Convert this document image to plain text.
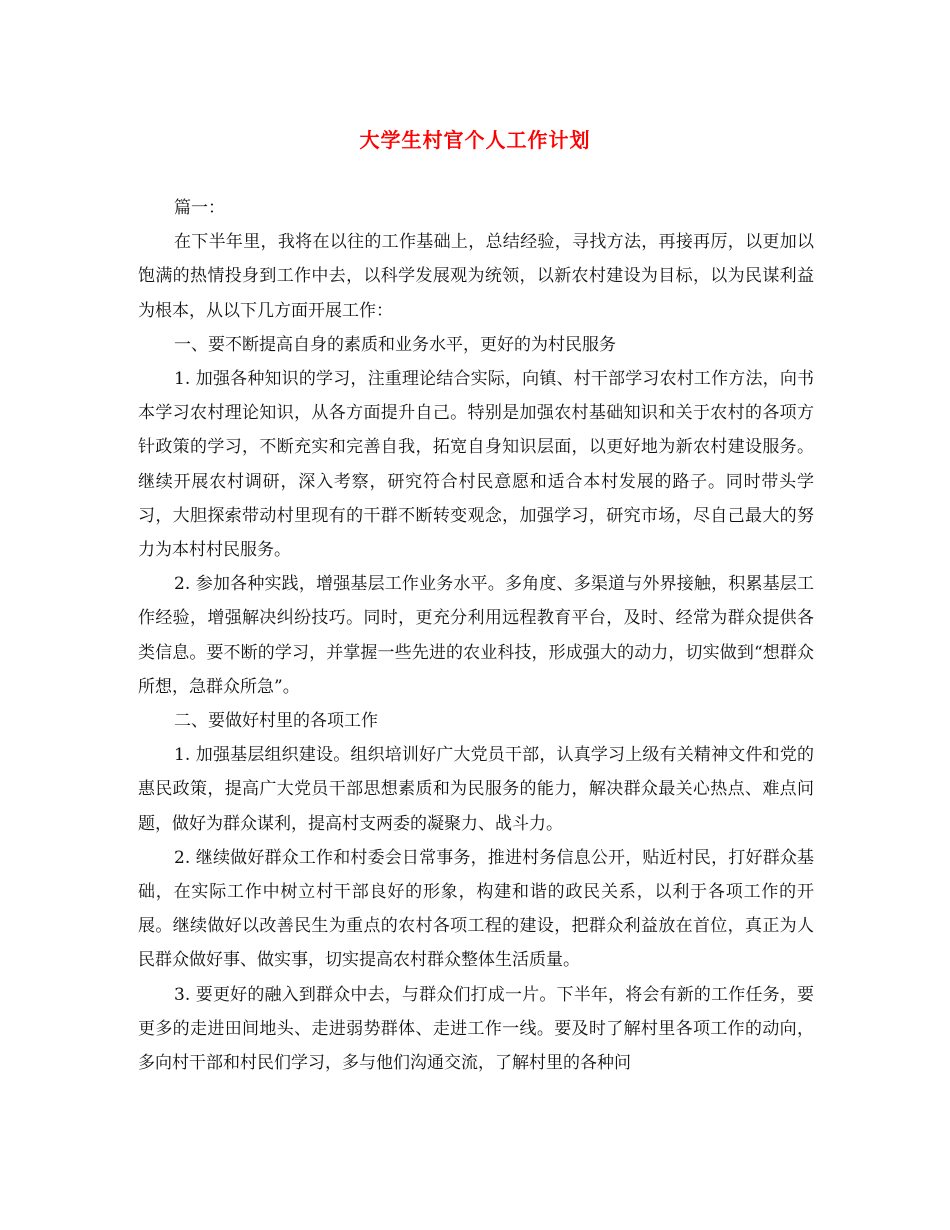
大学生村官个人工作计划

篇一：

在下半年里，我将在以往的工作基础上，总结经验，寻找方法，再接再厉，以更加以饱满的热情投身到工作中去，以科学发展观为统领，以新农村建设为目标，以为民谋利益为根本，从以下几方面开展工作：

一、要不断提高自身的素质和业务水平，更好的为村民服务

1. 加强各种知识的学习，注重理论结合实际，向镇、村干部学习农村工作方法，向书本学习农村理论知识，从各方面提升自己。特别是加强农村基础知识和关于农村的各项方针政策的学习，不断充实和完善自我，拓宽自身知识层面，以更好地为新农村建设服务。继续开展农村调研，深入考察，研究符合村民意愿和适合本村发展的路子。同时带头学习，大胆探索带动村里现有的干群不断转变观念，加强学习，研究市场，尽自己最大的努力为本村村民服务。

2. 参加各种实践，增强基层工作业务水平。多角度、多渠道与外界接触，积累基层工作经验，增强解决纠纷技巧。同时，更充分利用远程教育平台，及时、经常为群众提供各类信息。要不断的学习，并掌握一些先进的农业科技，形成强大的动力，切实做到“想群众所想，急群众所急”。

二、要做好村里的各项工作

1. 加强基层组织建设。组织培训好广大党员干部，认真学习上级有关精神文件和党的惠民政策，提高广大党员干部思想素质和为民服务的能力，解决群众最关心热点、难点问题，做好为群众谋利，提高村支两委的凝聚力、战斗力。

2. 继续做好群众工作和村委会日常事务，推进村务信息公开，贴近村民，打好群众基础，在实际工作中树立村干部良好的形象，构建和谐的政民关系，以利于各项工作的开展。继续做好以改善民生为重点的农村各项工程的建设，把群众利益放在首位，真正为人民群众做好事、做实事，切实提高农村群众整体生活质量。

3. 要更好的融入到群众中去，与群众们打成一片。下半年，将会有新的工作任务，要更多的走进田间地头、走进弱势群体、走进工作一线。要及时了解村里各项工作的动向，多向村干部和村民们学习，多与他们沟通交流，了解村里的各种问
